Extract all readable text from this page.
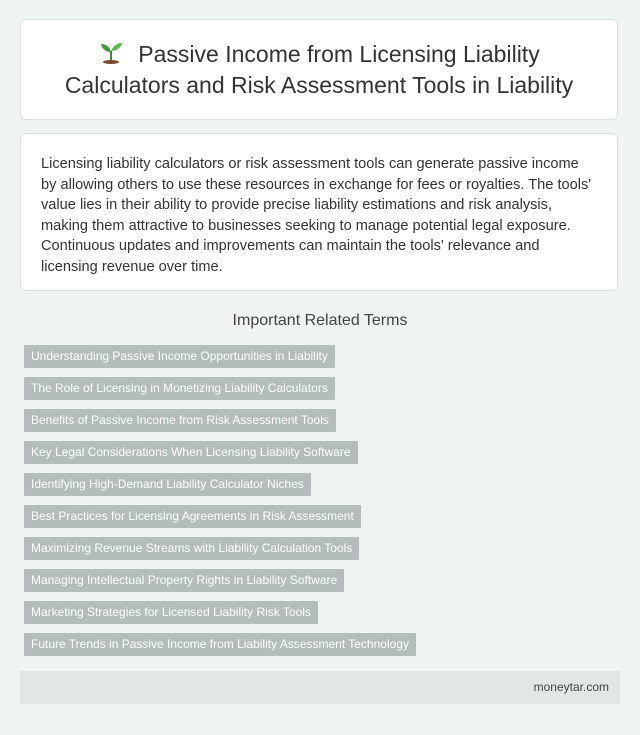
Passive Income from Licensing Liability Calculators and Risk Assessment Tools in Liability

Licensing liability calculators or risk assessment tools can generate passive income by allowing others to use these resources in exchange for fees or royalties. The tools' value lies in their ability to provide precise liability estimations and risk analysis, making them attractive to businesses seeking to manage potential legal exposure. Continuous updates and improvements can maintain the tools' relevance and licensing revenue over time.

Important Related Terms
Understanding Passive Income Opportunities in Liability
The Role of Licensing in Monetizing Liability Calculators
Benefits of Passive Income from Risk Assessment Tools
Key Legal Considerations When Licensing Liability Software
Identifying High-Demand Liability Calculator Niches
Best Practices for Licensing Agreements in Risk Assessment
Maximizing Revenue Streams with Liability Calculation Tools
Managing Intellectual Property Rights in Liability Software
Marketing Strategies for Licensed Liability Risk Tools
Future Trends in Passive Income from Liability Assessment Technology
moneytar.com
